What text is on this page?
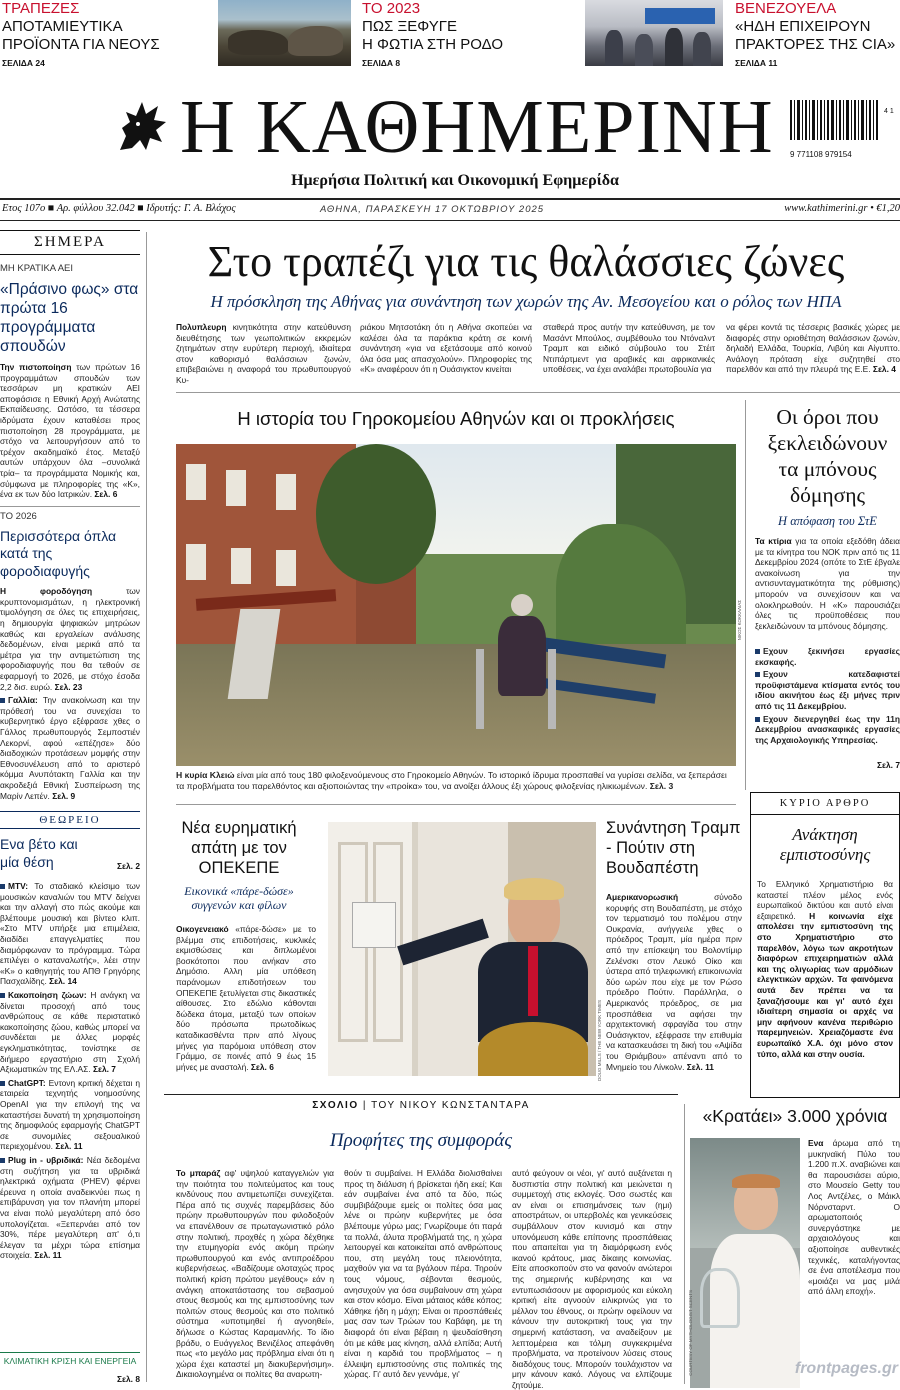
ΤΡΑΠΕΖΕΣ
ΑΠΟΤΑΜΙΕΥΤΙΚΑ
ΠΡΟΪΟΝΤΑ ΓΙΑ ΝΕΟΥΣ
ΣΕΛΙΔΑ 24
ΤΟ 2023
ΠΩΣ ΞΕΦΥΓΕ
Η ΦΩΤΙΑ ΣΤΗ ΡΟΔΟ
ΣΕΛΙΔΑ 8
ΒΕΝΕΖΟΥΕΛΑ
«ΗΔΗ ΕΠΙΧΕΙΡΟΥΝ
ΠΡΑΚΤΟΡΕΣ ΤΗΣ CIA»
ΣΕΛΙΔΑ 11
Η ΚΑΘΗΜΕΡΙΝΗ
Ημερήσια Πολιτική και Οικονομική Εφημερίδα
4 1
9 771108 979154
Ετος 107ο ■ Αρ. φύλλου 32.042 ■ Ιδρυτής: Γ. Α. Βλάχος	ΑΘΗΝΑ, ΠΑΡΑΣΚΕΥΗ 17 ΟΚΤΩΒΡΙΟΥ 2025	www.kathimerini.gr • €1,20
ΣΗΜΕΡΑ
ΜΗ ΚΡΑΤΙΚΑ ΑΕΙ
«Πράσινο φως» στα πρώτα 16 προγράμματα σπουδών
Την πιστοποίηση των πρώτων 16 προγραμμάτων σπουδών των τεσσάρων μη κρατικών ΑΕΙ αποφάσισε η Εθνική Αρχή Ανώτατης Εκπαίδευσης. Ωστόσο, τα τέσσερα ιδρύματα έχουν καταθέσει προς πιστοποίηση 28 προγράμματα, με στόχο να λειτουργήσουν από το τρέχον ακαδημαϊκό έτος. Μεταξύ αυτών υπάρχουν όλα –συνολικά τρία– τα προγράμματα Νομικής και, σύμφωνα με πληροφορίες της «Κ», ένα εκ των δύο Ιατρικών. Σελ. 6
ΤΟ 2026
Περισσότερα όπλα κατά της φοροδιαφυγής
Η φοροδόγηση των κρυπτονομισμάτων, η ηλεκτρονική τιμολόγηση σε όλες τις επιχειρήσεις, η δημιουργία ψηφιακών μητρώων καθώς και εργαλείων ανάλυσης δεδομένων, είναι μερικά από τα μέτρα για την αντιμετώπιση της φοροδιαφυγής που θα τεθούν σε εφαρμογή το 2026, με στόχο έσοδα 2,2 δισ. ευρώ. Σελ. 23
Γαλλία: Την ανακοίνωση και την πρόθεσή του να συνεχίσει το κυβερνητικό έργο εξέφρασε χθες ο Γάλλος πρωθυπουργός Σεμποστιέν Λεκορνί, αφού «επέζησε» δύο διαδοχικών προτάσεων μομφής στην Εθνοσυνέλευση από το αριστερό κόμμα Ανυπότακτη Γαλλία και την ακροδεξιά Εθνική Συσπείρωση της Μαρίν Λεπέν. Σελ. 9
ΘΕΩΡΕΙΟ
Ενα βέτο και μία θέση	Σελ. 2

MTV: Το σταδιακό κλείσιμο των μουσικών καναλιών του MTV δείχνει και την αλλαγή στο πώς ακούμε και βλέπουμε μουσική και βίντεο κλιπ. «Στο MTV υπήρξε μια επιμέλεια, διαδίδει επαγγελματίες που διαμόρφωναν το πρόγραμμα. Τώρα επιλέγει ο καταναλωτής», λέει στην «Κ» ο καθηγητής του ΑΠΘ Γρηγόρης Πασχαλίδης. Σελ. 14

Κακοποίηση ζώων: Η ανάγκη να δίνεται προσοχή από τους ανθρώπους σε κάθε περιστατικό κακοποίησης ζώου, καθώς μπορεί να συνδέεται με άλλες μορφές εγκληματικότητας, τονίστηκε σε διήμερο εργαστήριο στη Σχολή Αξιωματικών της ΕΛ.ΑΣ. Σελ. 7

ChatGPT: Εντονη κριτική δέχεται η εταιρεία τεχνητής νοημοσύνης OpenAI για την επιλογή της να καταστήσει δυνατή τη χρησιμοποίηση της δημοφιλούς εφαρμογής ChatGPT σε συνομιλίες σεξουαλικού περιεχομένου. Σελ. 11

Plug in - υβριδικά: Νέα δεδομένα στη συζήτηση για τα υβριδικά ηλεκτρικά οχήματα (PHEV) φέρνει έρευνα η οποία αναδεικνύει πως η επιβάρυνση για τον πλανήτη μπορεί να είναι πολύ μεγαλύτερη από όσο υπολογίζεται. «Ξεπερνάει από τον 30%, πέρε μεγαλύτερη απ' ό,τι έλεγαν τα μέχρι τώρα επίσημα στοιχεία. Σελ. 11

ΚΛΙΜΑΤΙΚΗ ΚΡΙΣΗ ΚΑΙ ΕΝΕΡΓΕΙΑ
Σελ. 8
Στο τραπέζι για τις θαλάσσιες ζώνες
Η πρόσκληση της Αθήνας για συνάντηση των χωρών της Αν. Μεσογείου και ο ρόλος των ΗΠΑ
Πολυπλευρη κινητικότητα στην κατεύθυνση διευθέτησης των γεωπολιτικών εκκρεμών ζητημάτων στην ευρύτερη περιοχή, ιδιαίτερα στον καθορισμό θαλάσσιων ζωνών, επιβεβαιώνει η αναφορά του πρωθυπουργού Κυ-
ριάκου Μητσοτάκη ότι η Αθήνα σκοπεύει να καλέσει όλα τα παράκτια κράτη σε κοινή συνάντηση «για να εξετάσουμε από κοινού όλα όσα μας απασχολούν». Πληροφορίες της «Κ» αναφέρουν ότι η Ουάσιγκτον κινείται
σταθερά προς αυτήν την κατεύθυνση, με τον Μασάντ Μπούλος, συμβέθουλο του Ντόναλντ Τραμπ και ειδικό σύμβουλο του Στέιτ Ντιπάρτμεντ για αραβικές και αφρικανικές υποθέσεις, να έχει αναλάβει πρωτοβουλία για
να φέρει κοντά τις τέσσερις βασικές χώρες με διαφορές στην οριοθέτηση θαλάσσιων ζωνών, δηλαδή Ελλάδα, Τουρκία, Λιβύη και Αίγυπτο. Ανάλογη πρόταση είχε συζητηθεί στο παρελθόν και από την πλευρά της Ε.Ε. Σελ. 4
Η ιστορία του Γηροκομείου Αθηνών και οι προκλήσεις
ΝΙΚΟΣ ΚΟΚΚΑΛΙΑΣ
Η κυρία Κλειώ είναι μία από τους 180 φιλοξενούμενους στο Γηροκομείο Αθηνών. Το ιστορικό ίδρυμα προσπαθεί να γυρίσει σελίδα, να ξεπεράσει τα προβλήματα του παρελθόντος και αξιοποιώντας την «προίκα» του, να ανοίξει άλλους έξι χώρους φιλοξενίας ηλικιωμένων. Σελ. 3
Οι όροι που ξεκλειδώνουν τα μπόνους δόμησης
Η απόφαση του ΣτΕ
Τα κτίρια για τα οποία εξεδόθη άδεια με τα κίνητρα του ΝΟΚ πριν από τις 11 Δεκεμβρίου 2024 (οπότε το ΣτΕ έβγαλε ανακοίνωση για την αντισυνταγματικότητα της ρύθμισης) μπορούν να συνεχίσουν και να ολοκληρωθούν. Η «Κ» παρουσιάζει όλες τις προϋποθέσεις που ξεκλειδώνουν τα μπόνους δόμησης.

Εχουν ξεκινήσει εργασίες εκσκαφής.

Εχουν κατεδαφιστεί προϋφιστάμενα κτίσματα εντός του ιδίου ακινήτου έως έξι μήνες πριν από τις 11 Δεκεμβρίου.

Εχουν διενεργηθεί έως την 11η Δεκεμβρίου ανασκαφικές εργασίες της Αρχαιολογικής Υπηρεσίας.

Σελ. 7
Νέα ευρηματική απάτη με τον ΟΠΕΚΕΠΕ
Εικονικά «πάρε-δώσε» συγγενών και φίλων
Οικογενειακό «πάρε-δώσε» με το βλέμμα στις επιδοτήσεις, κυκλικές εκμισθώσεις και διπλωμένοι βοσκότοποι που ανήκαν στο Δημόσιο. Αλλη μία υπόθεση παράνομων επιδοτήσεων του ΟΠΕΚΕΠΕ ξετυλίγεται στις δικαστικές αίθουσες. Στο εδώλιο κάθονται δώδεκα άτομα, μεταξύ των οποίων δύο πρόσωπα πρωτοδίκως καταδικασθέντα πριν από λίγους μήνες για παρόμοια υπόθεση στον Γράμμο, σε ποινές από 9 έως 15 μήνες με αναστολή. Σελ. 6	DOUG MILLS / THE NEW YORK TIMES
Συνάντηση Τραμπ - Πούτιν στη Βουδαπέστη
Αμερικανορωσική σύνοδο κορυφής στη Βουδαπέστη, με στόχο τον τερματισμό του πολέμου στην Ουκρανία, ανήγγειλε χθες ο πρόεδρος Τραμπ, μία ημέρα πριν από την επίσκεψη του Βολοντίμιρ Ζελένσκι στον Λευκό Οίκο και ύστερα από τηλεφωνική επικοινωνία δύο ωρών που είχε με τον Ρώσο πρόεδρο Πούτιν. Παράλληλα, ο Αμερικανός πρόεδρος, σε μια προσπάθεια να αφήσει την αρχιτεκτονική σφραγίδα του στην Ουάσιγκτον, εξέφρασε την επιθυμία να κατασκευάσει τη δική του «Αψίδα του Θριάμβου» απέναντι από το Μνημείο του Λίνκολν. Σελ. 11
ΚΥΡΙΟ ΑΡΘΡΟ
Ανάκτηση εμπιστοσύνης
Το Ελληνικό Χρηματιστήριο θα καταστεί πλέον μέλος ενός ευρωπαϊκού δικτύου και αυτό είναι εξαιρετικό. Η κοινωνία είχε απολέσει την εμπιστοσύνη της στο Χρηματιστήριο στο παρελθόν, λόγω των ακροτήτων διαφόρων επιχειρηματιών αλλά και της ολιγωρίας των αρμόδιων ελεγκτικών αρχών. Τα φαινόμενα αυτά δεν πρέπει να τα ξαναζήσουμε και γι' αυτό έχει ιδιαίτερη σημασία οι αρχές να μην αφήνουν κανένα περιθώριο παρεμηνειών. Χρειαζόμαστε ένα ευρωπαϊκό Χ.Α. όχι μόνο στον τύπο, αλλά και στην ουσία.
ΣΧΟΛΙΟ | ΤΟΥ ΝΙΚΟΥ ΚΩΝΣΤΑΝΤΑΡΑ
Προφήτες της συμφοράς
Το μπαράζ αφ' υψηλού καταγγελιών για την ποιότητα του πολιτεύματος και τους κινδύνους που αντιμετωπίζει συνεχίζεται. Πέρα από τις συχνές παρεμβάσεις δύο πρώην πρωθυπουργών που φιλοδοξούν να επανέλθουν σε πρωταγωνιστικό ρόλο στην πολιτική, προχθές η χώρα δέχθηκε την ετυμηγορία ενός ακόμη πρώην πρωθυπουργού και ενός αντιπροέδρου κυβερνήσεως. «Βαδίζουμε ολοταχώς προς πολιτική κρίση πρώτου μεγέθους» εάν η ανάγκη αποκατάστασης του σεβασμού στους θεσμούς και της εμπιστοσύνης των πολιτών στους θεσμούς και στο πολιτικό σύστημα «υποτιμηθεί ή αγνοηθεί», δήλωσε ο Κώστας Καραμανλής. Το ίδιο βράδυ, ο Ευάγγελος Βενιζέλος απεφάνθη πως «το μεγάλο μας πρόβλημα είναι ότι η χώρα έχει καταστεί μη διακυβερνήσιμη». Δικαιολογημένα οι πολίτες θα αναρωτη-
θούν τι συμβαίνει. Η Ελλάδα διολισθαίνει προς τη διάλυση ή βρίσκεται ήδη εκεί; Και εάν συμβαίνει ένα από τα δύο, πώς συμβιβάζουμε εμείς οι πολίτες όσα μας λένε οι πρώην κυβερνήτες με όσα βλέπουμε γύρω μας; Γνωρίζουμε ότι παρά τα πολλά, άλυτα προβλήματά της, η χώρα λειτουργεί και κατοικείται από ανθρώπους που, στη μεγάλη τους πλειονότητα, μαχθούν για να τα βγάλουν πέρα. Τηρούν τους νόμους, σέβονται θεσμούς, ανησυχούν για όσα συμβαίνουν στη χώρα και στον κόσμο. Είναι μάταιος κάθε κόπος; Χάθηκε ήδη η μάχη; Είναι οι προσπάθειές μας σαν των Τρώων του Καβάφη, με τη διαφορά ότι είναι βέβαιη η ψευδαίσθηση ότι με κάθε μας κίνηση, αλλά ελπίδα; Αυτή είναι η καρδιά του προβλήματος – η έλλειψη εμπιστοσύνης στις πολιτικές της χώρας. Γι' αυτό δεν γεννάμε, γι'
αυτό φεύγουν οι νέοι, γι' αυτό αυξάνεται η δυσπιστία στην πολιτική και μειώνεται η συμμετοχή στις εκλογές. Όσο σωστές και αν είναι οι επισημάνσεις των (ημι) αποστράτων, οι υπερβολές και γενικεύσεις συμβάλλουν στον κυνισμό και στην υπονόμευση κάθε επίπονης προσπάθειας που απαιτείται για τη διαμόρφωση ενός ικανού κράτους, μιας δίκαιης κοινωνίας. Είτε αποσκοπούν στο να φανούν ανώτεροι της σημερινής κυβέρνησης και να εντυπωσιάσουν με αφορισμούς και εύκολη κριτική είτε αγνοούν ειλικρινώς για το μέλλον του έθνους, οι πρώην οφείλουν να κάνουν την αυτοκριτική τους για την σημερινή κατάσταση, να αναδείξουν με λεπτομέρεια και τόλμη συγκεκριμένα προβλήματα, να προτείνουν λύσεις στους διαδόχους τους. Μπορούν τουλάχιστον να μην κάνουν κακό. Λόγους να ελπίζουμε ζητούμε.
«Κρατάει» 3.000 χρόνια
COURTESY OF MYTHOLOGIST SCENTS
Ενα άρωμα από τη μυκηναϊκή Πύλο του 1.200 π.Χ. αναβιώνει και θα παρουσιάσει αύριο, στο Μουσείο Getty του Λος Αντζέλες, ο Μάικλ Νόρνσταρντ. Ο αρωματοποιός συνεργάστηκε με αρχαιολόγους και αξιοποίησε αυθεντικές τεχνικές, καταλήγοντας σε ένα αποτέλεσμα που «μοιάζει να μας μιλά από άλλη εποχή».
frontpages.gr
